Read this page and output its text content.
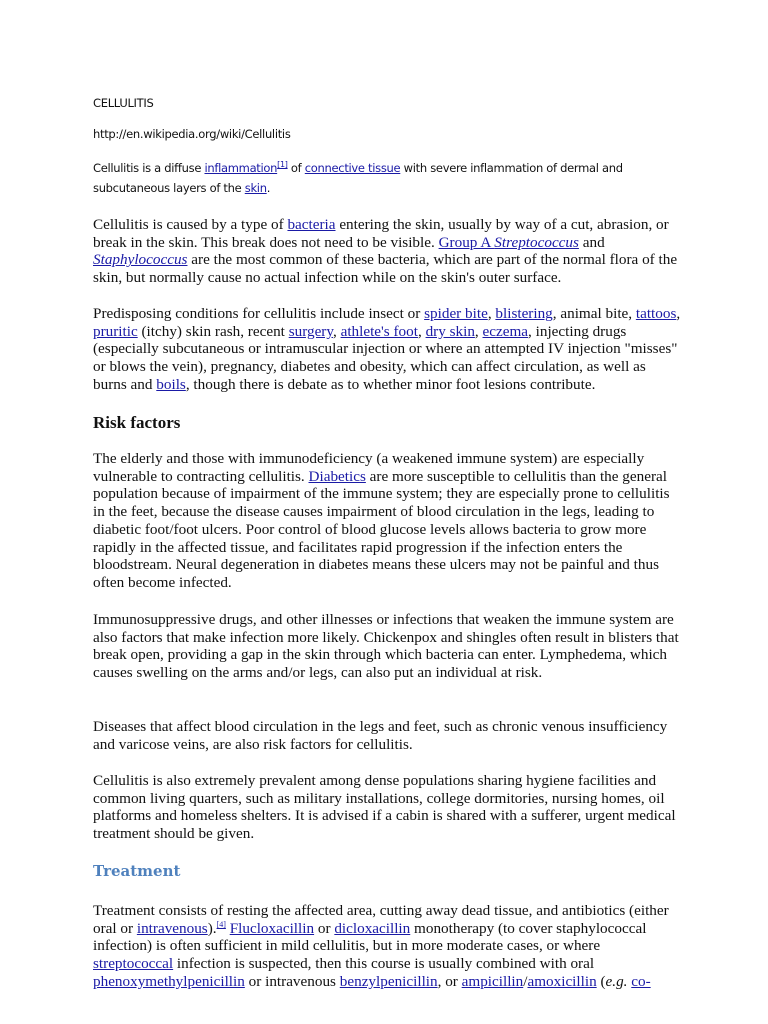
CELLULITIS

http://en.wikipedia.org/wiki/Cellulitis

Cellulitis is a diffuse inflammation[1] of connective tissue with severe inflammation of dermal and subcutaneous layers of the skin.

Cellulitis is caused by a type of bacteria entering the skin, usually by way of a cut, abrasion, or break in the skin. This break does not need to be visible. Group A Streptococcus and Staphylococcus are the most common of these bacteria, which are part of the normal flora of the skin, but normally cause no actual infection while on the skin's outer surface.

Predisposing conditions for cellulitis include insect or spider bite, blistering, animal bite, tattoos, pruritic (itchy) skin rash, recent surgery, athlete's foot, dry skin, eczema, injecting drugs (especially subcutaneous or intramuscular injection or where an attempted IV injection "misses" or blows the vein), pregnancy, diabetes and obesity, which can affect circulation, as well as burns and boils, though there is debate as to whether minor foot lesions contribute.

Risk factors

The elderly and those with immunodeficiency (a weakened immune system) are especially vulnerable to contracting cellulitis. Diabetics are more susceptible to cellulitis than the general population because of impairment of the immune system; they are especially prone to cellulitis in the feet, because the disease causes impairment of blood circulation in the legs, leading to diabetic foot/foot ulcers. Poor control of blood glucose levels allows bacteria to grow more rapidly in the affected tissue, and facilitates rapid progression if the infection enters the bloodstream. Neural degeneration in diabetes means these ulcers may not be painful and thus often become infected.

Immunosuppressive drugs, and other illnesses or infections that weaken the immune system are also factors that make infection more likely. Chickenpox and shingles often result in blisters that break open, providing a gap in the skin through which bacteria can enter. Lymphedema, which causes swelling on the arms and/or legs, can also put an individual at risk.

Diseases that affect blood circulation in the legs and feet, such as chronic venous insufficiency and varicose veins, are also risk factors for cellulitis.

Cellulitis is also extremely prevalent among dense populations sharing hygiene facilities and common living quarters, such as military installations, college dormitories, nursing homes, oil platforms and homeless shelters. It is advised if a cabin is shared with a sufferer, urgent medical treatment should be given.

Treatment

Treatment consists of resting the affected area, cutting away dead tissue, and antibiotics (either oral or intravenous).[4] Flucloxacillin or dicloxacillin monotherapy (to cover staphylococcal infection) is often sufficient in mild cellulitis, but in more moderate cases, or where streptococcal infection is suspected, then this course is usually combined with oral phenoxymethylpenicillin or intravenous benzylpenicillin, or ampicillin/amoxicillin (e.g. co-
